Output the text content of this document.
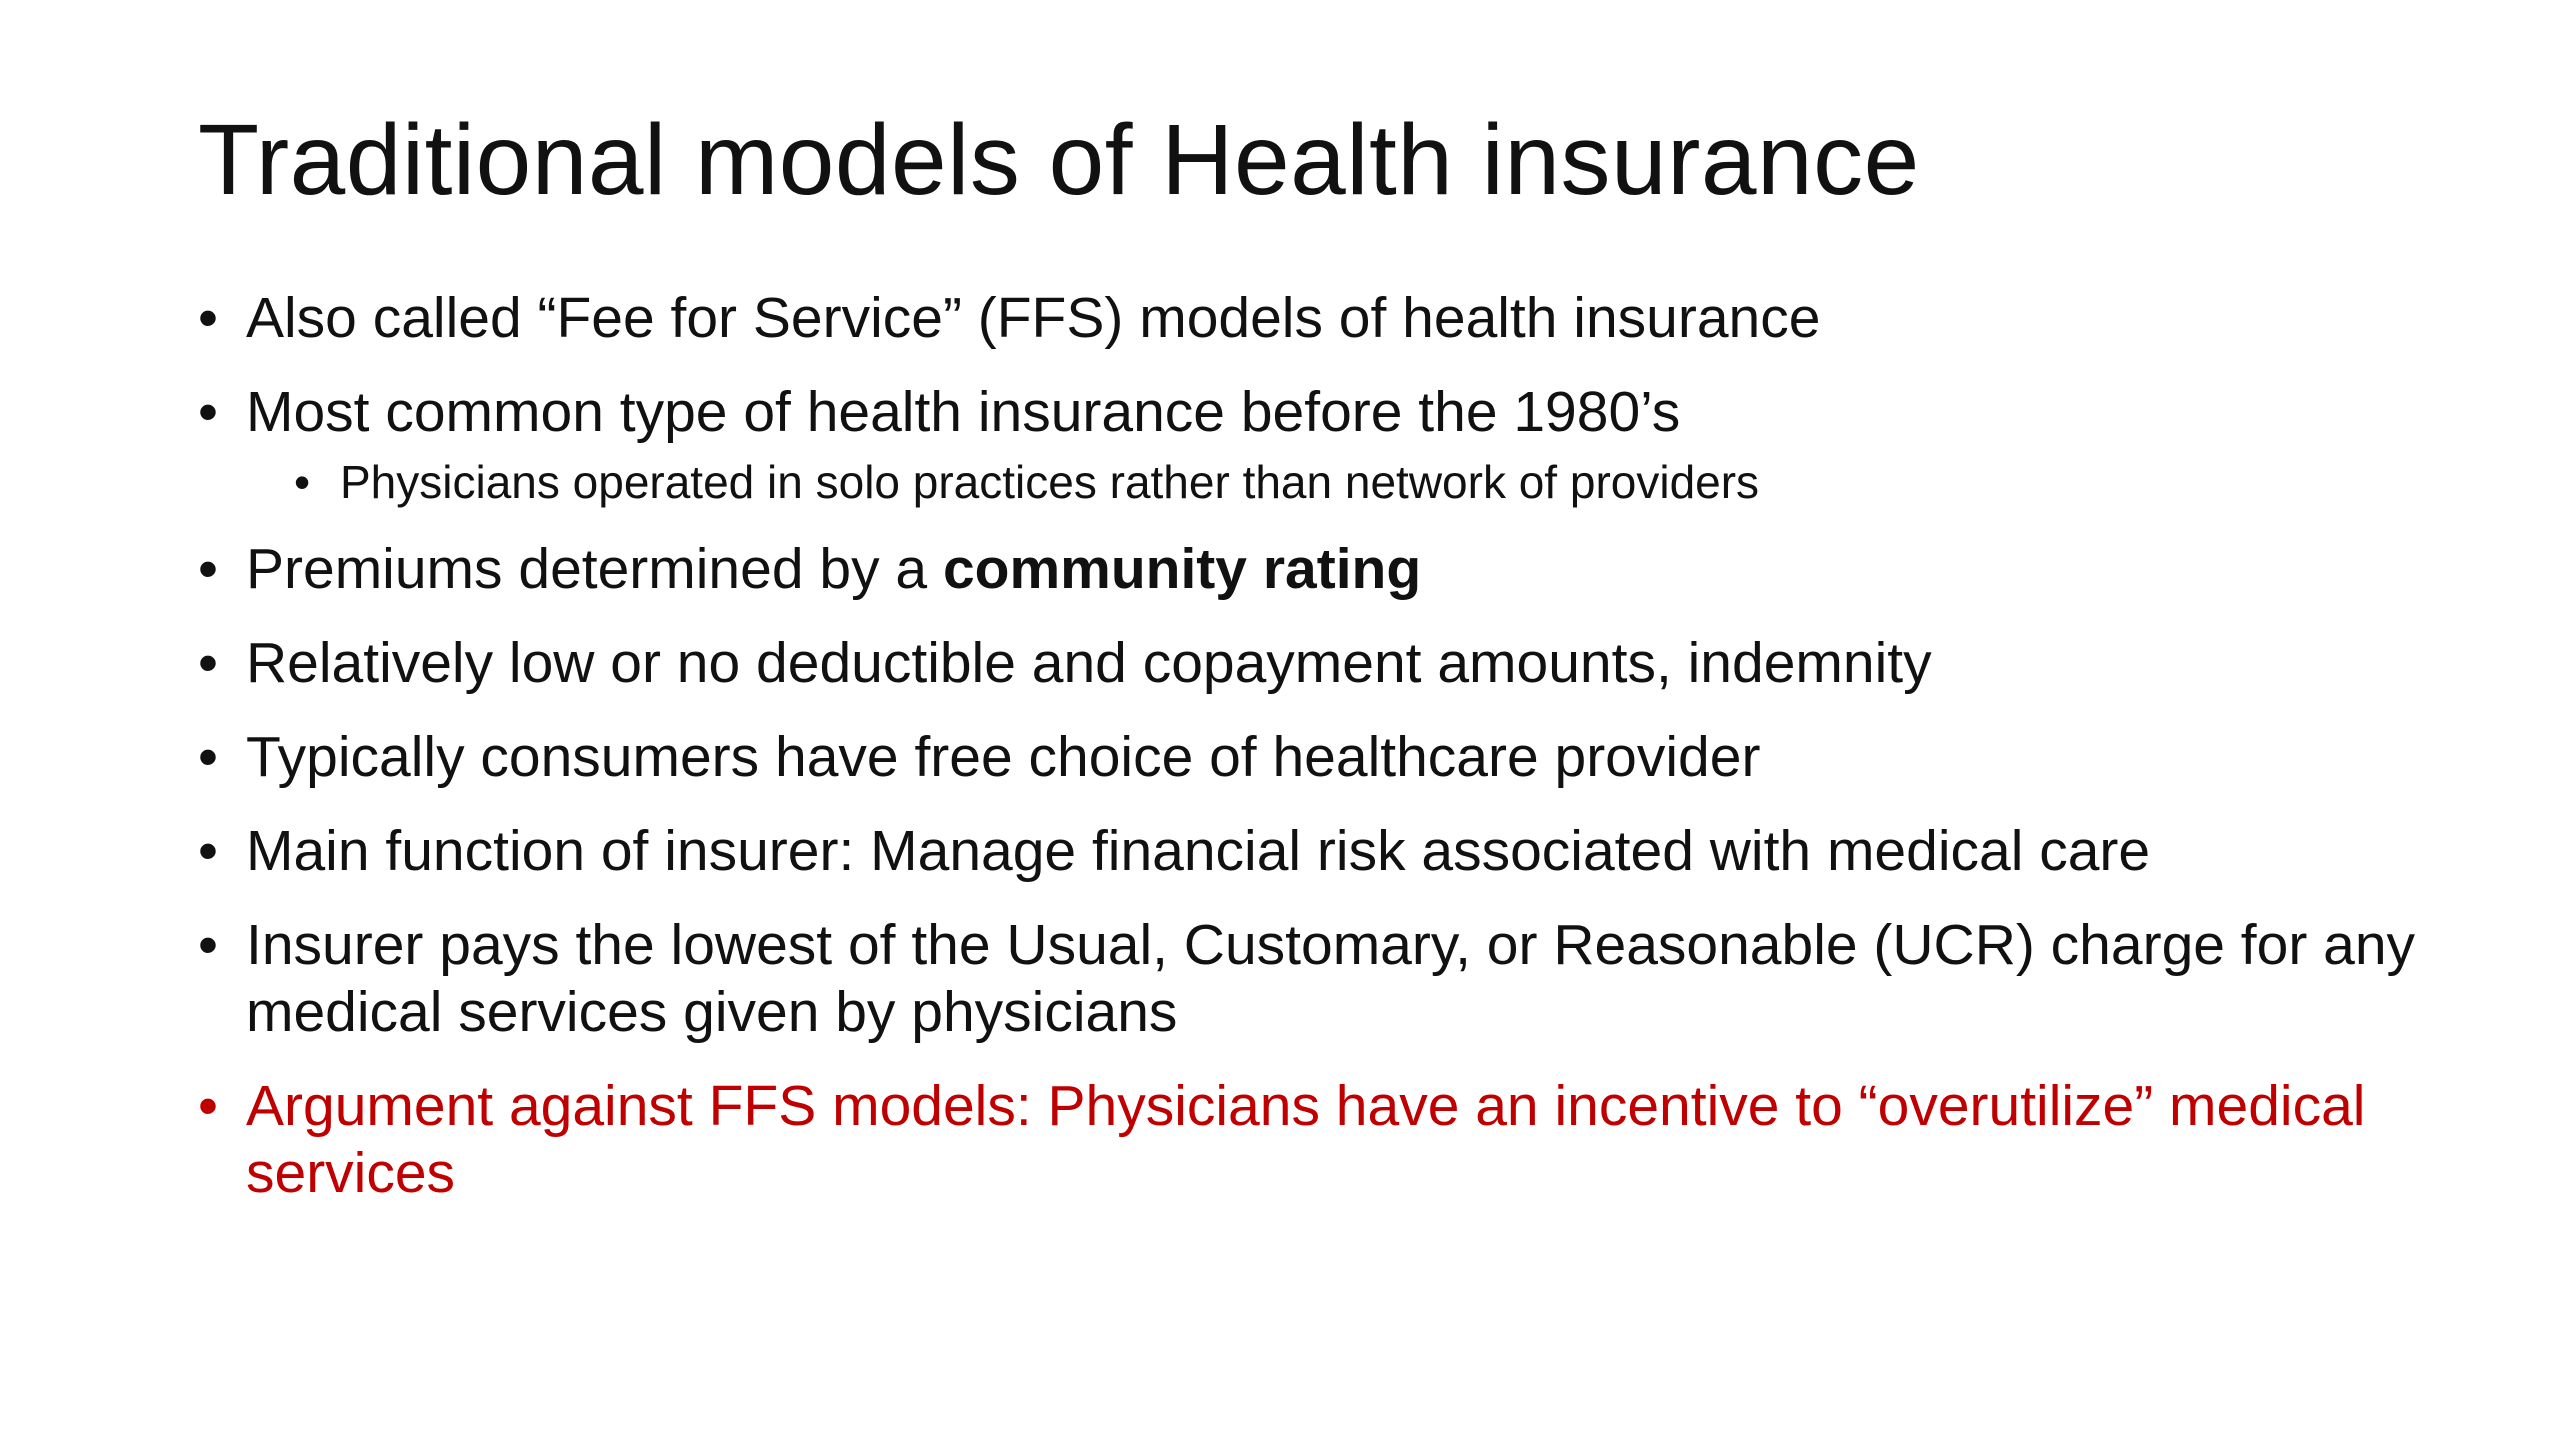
Traditional models of Health insurance
• Also called “Fee for Service” (FFS) models of health insurance
• Most common type of health insurance before the 1980’s
• Physicians operated in solo practices rather than network of providers
• Premiums determined by a community rating
• Relatively low or no deductible and copayment amounts, indemnity
• Typically consumers have free choice of healthcare provider
• Main function of insurer: Manage financial risk associated with medical care
• Insurer pays the lowest of the Usual, Customary, or Reasonable (UCR) charge for any medical services given by physicians
• Argument against FFS models: Physicians have an incentive to “overutilize” medical services
